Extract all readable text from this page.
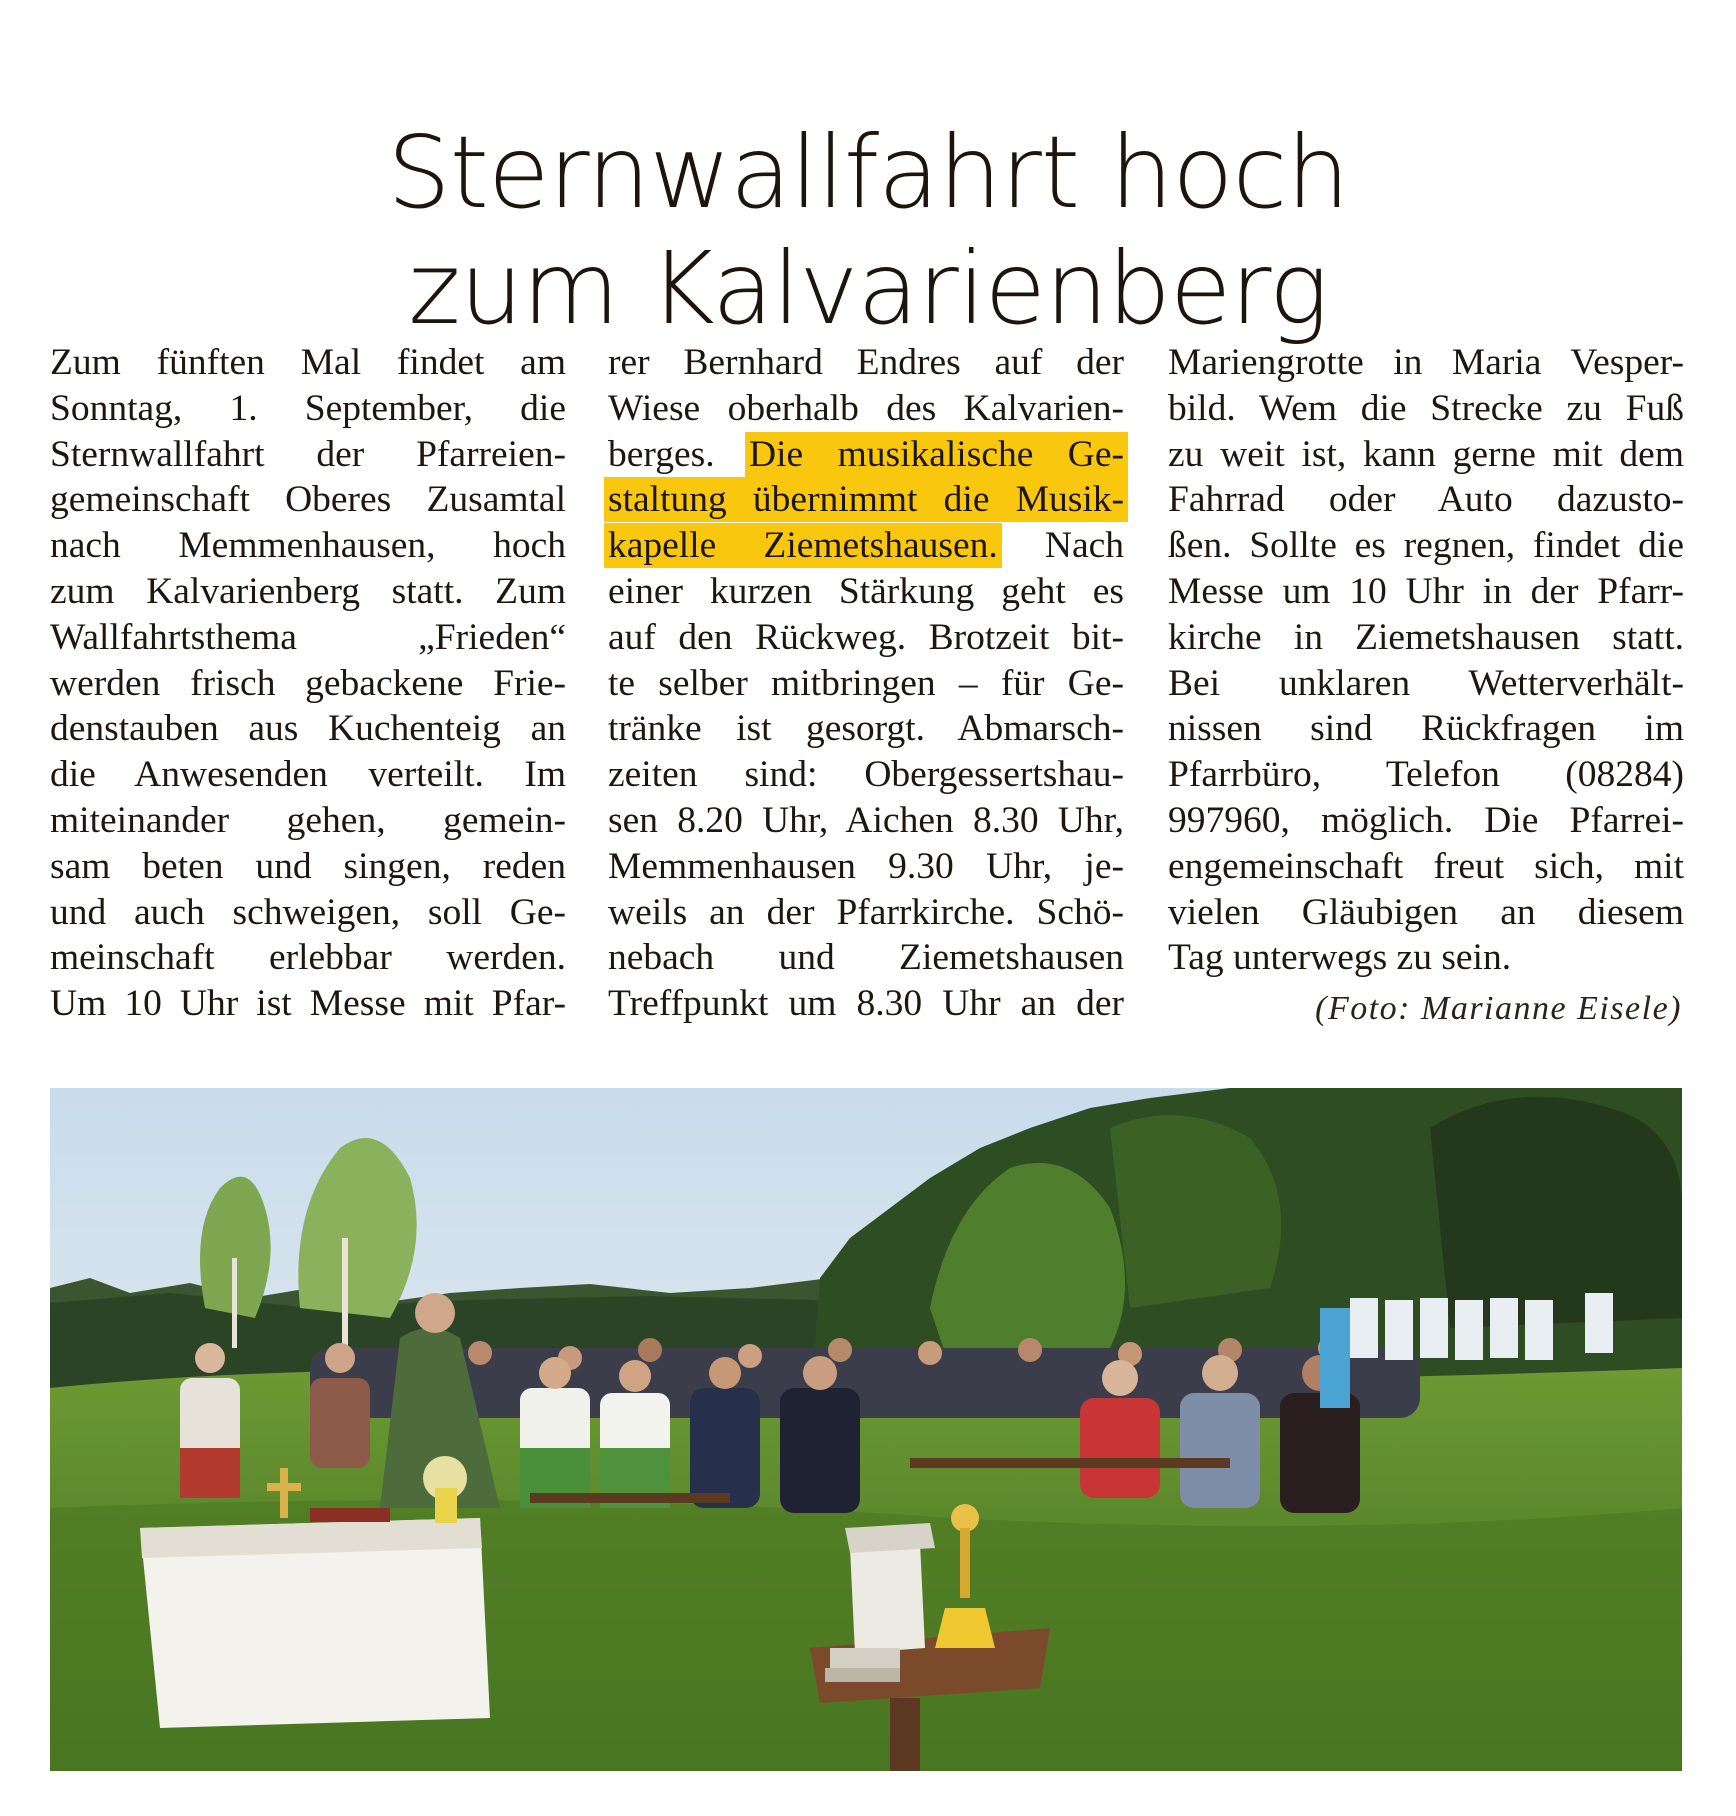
Sternwallfahrt hoch
zum Kalvarienberg
Zum fünften Mal findet am
Sonntag, 1. September, die
Sternwallfahrt der Pfarreien-
gemeinschaft Oberes Zusamtal
nach Memmenhausen, hoch
zum Kalvarienberg statt. Zum
Wallfahrtsthema „Frieden“
werden frisch gebackene Frie-
denstauben aus Kuchenteig an
die Anwesenden verteilt. Im
miteinander gehen, gemein-
sam beten und singen, reden
und auch schweigen, soll Ge-
meinschaft erlebbar werden.
Um 10 Uhr ist Messe mit Pfar-
rer Bernhard Endres auf der
Wiese oberhalb des Kalvarien-
berges. Die musikalische Ge-
staltung übernimmt die Musik-
kapelle Ziemetshausen. Nach
einer kurzen Stärkung geht es
auf den Rückweg. Brotzeit bit-
te selber mitbringen – für Ge-
tränke ist gesorgt. Abmarsch-
zeiten sind: Obergessertshau-
sen 8.20 Uhr, Aichen 8.30 Uhr,
Memmenhausen 9.30 Uhr, je-
weils an der Pfarrkirche. Schö-
nebach und Ziemetshausen
Treffpunkt um 8.30 Uhr an der
Mariengrotte in Maria Vesper-
bild. Wem die Strecke zu Fuß
zu weit ist, kann gerne mit dem
Fahrrad oder Auto dazusto-
ßen. Sollte es regnen, findet die
Messe um 10 Uhr in der Pfarr-
kirche in Ziemetshausen statt.
Bei unklaren Wetterverhält-
nissen sind Rückfragen im
Pfarrbüro, Telefon (08284)
997960, möglich. Die Pfarrei-
engemeinschaft freut sich, mit
vielen Gläubigen an diesem
Tag unterwegs zu sein.
(Foto: Marianne Eisele)
